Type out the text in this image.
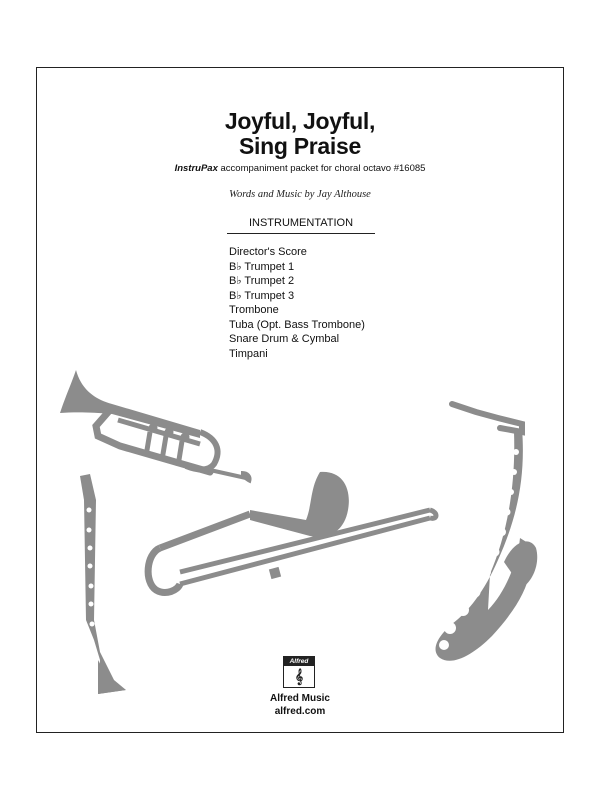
Joyful, Joyful,
Sing Praise
InstruPax accompaniment packet for choral octavo #16085
Words and Music by Jay Althouse
INSTRUMENTATION
Director's Score
B♭ Trumpet 1
B♭ Trumpet 2
B♭ Trumpet 3
Trombone
Tuba (Opt. Bass Trombone)
Snare Drum & Cymbal
Timpani
Alfred
𝄞
Alfred Music
alfred.com
